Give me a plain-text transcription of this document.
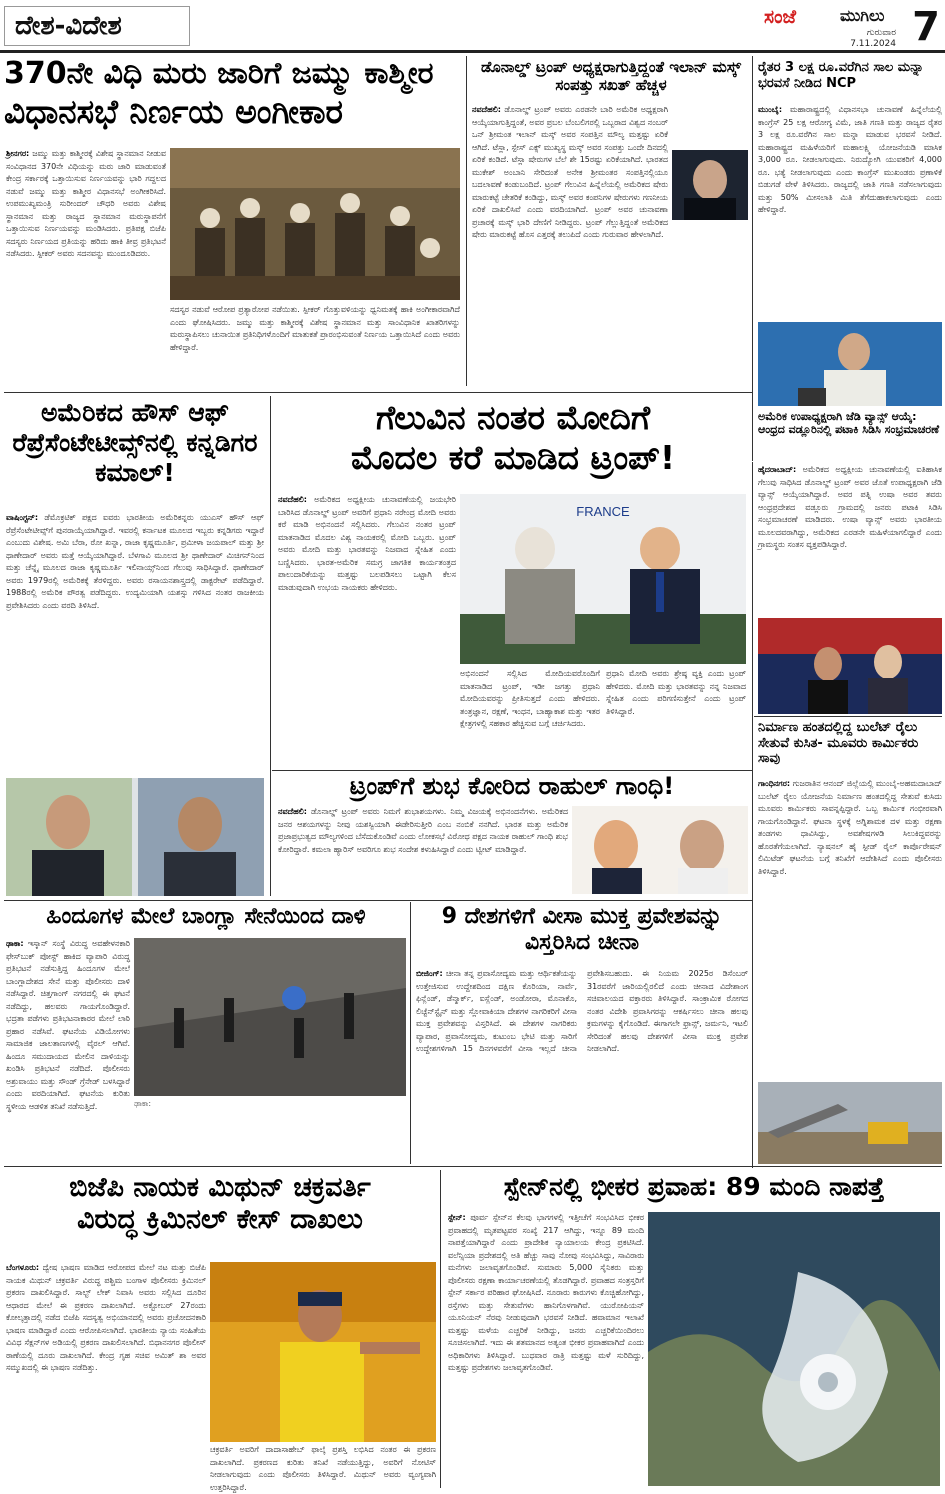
ದೇಶ-ವಿದೇಶ	ಸಂಜೆ	ಮುಗಿಲು
ಗುರುವಾರ
7.11.2024 7
370ನೇ ವಿಧಿ ಮರು ಜಾರಿಗೆ ಜಮ್ಮು ಕಾಶ್ಮೀರ
ವಿಧಾನಸಭೆ ನಿರ್ಣಯ ಅಂಗೀಕಾರ
ಶ್ರೀನಗರ: ಜಮ್ಮು ಮತ್ತು ಕಾಶ್ಮೀರಕ್ಕೆ ವಿಶೇಷ ಸ್ಥಾನಮಾನ ನೀಡುವ ಸಂವಿಧಾನದ 370ನೇ ವಿಧಿಯನ್ನು ಮರು ಜಾರಿ ಮಾಡುವಂತೆ ಕೇಂದ್ರ ಸರ್ಕಾರಕ್ಕೆ ಒತ್ತಾಯಿಸುವ ನಿರ್ಣಯವನ್ನು ಭಾರಿ ಗದ್ದಲದ ನಡುವೆ ಜಮ್ಮು ಮತ್ತು ಕಾಶ್ಮೀರ ವಿಧಾನಸಭೆ ಅಂಗೀಕರಿಸಿದೆ. ಉಪಮುಖ್ಯಮಂತ್ರಿ ಸುರೀಂದರ್ ಚೌಧರಿ ಅವರು ವಿಶೇಷ ಸ್ಥಾನಮಾನ ಮತ್ತು ರಾಜ್ಯದ ಸ್ಥಾನಮಾನ ಮರುಸ್ಥಾಪನೆಗೆ ಒತ್ತಾಯಿಸುವ ನಿರ್ಣಯವನ್ನು ಮಂಡಿಸಿದರು. ಪ್ರತಿಪಕ್ಷ ಬಿಜೆಪಿ ಸದಸ್ಯರು ನಿರ್ಣಯದ ಪ್ರತಿಯನ್ನು ಹರಿದು ಹಾಕಿ ತೀವ್ರ ಪ್ರತಿಭಟನೆ ನಡೆಸಿದರು. ಸ್ಪೀಕರ್ ಅವರು ಸದನವನ್ನು ಮುಂದೂಡಿದರು.
ಸದಸ್ಯರ ನಡುವೆ ಆರೋಪ ಪ್ರತ್ಯಾರೋಪ ನಡೆಯಿತು. ಸ್ಪೀಕರ್ ಗೊತ್ತುವಳಿಯನ್ನು ಧ್ವನಿಮತಕ್ಕೆ ಹಾಕಿ ಅಂಗೀಕಾರವಾಗಿದೆ ಎಂದು ಘೋಷಿಸಿದರು. ಜಮ್ಮು ಮತ್ತು ಕಾಶ್ಮೀರಕ್ಕೆ ವಿಶೇಷ ಸ್ಥಾನಮಾನ ಮತ್ತು ಸಾಂವಿಧಾನಿಕ ಖಾತರಿಗಳನ್ನು ಮರುಸ್ಥಾಪಿಸಲು ಚುನಾಯಿತ ಪ್ರತಿನಿಧಿಗಳೊಂದಿಗೆ ಮಾತುಕತೆ ಪ್ರಾರಂಭಿಸುವಂತೆ ನಿರ್ಣಯ ಒತ್ತಾಯಿಸಿದೆ ಎಂದು ಅವರು ಹೇಳಿದ್ದಾರೆ.
ಡೊನಾಲ್ಡ್ ಟ್ರಂಪ್ ಅಧ್ಯಕ್ಷರಾಗುತ್ತಿದ್ದಂತೆ ಇಲಾನ್ ಮಸ್ಕ್ ಸಂಪತ್ತು ಸಖತ್ ಹೆಚ್ಚಳ
ನವದೆಹಲಿ: ಡೊನಾಲ್ಡ್ ಟ್ರಂಪ್ ಅವರು ಎರಡನೇ ಬಾರಿ ಅಮೆರಿಕ ಅಧ್ಯಕ್ಷರಾಗಿ ಆಯ್ಕೆಯಾಗುತ್ತಿದ್ದಂತೆ, ಅವರ ಪ್ರಬಲ ಬೆಂಬಲಿಗರಲ್ಲಿ ಒಬ್ಬರಾದ ವಿಶ್ವದ ನಂಬರ್ ಒನ್ ಶ್ರೀಮಂತ ಇಲಾನ್ ಮಸ್ಕ್ ಅವರ ಸಂಪತ್ತಿನ ಮೌಲ್ಯ ಮತ್ತಷ್ಟು ಏರಿಕೆ ಆಗಿದೆ. ಟೆಸ್ಲಾ, ಸ್ಪೇಸ್ ಎಕ್ಸ್ ಮುಖ್ಯಸ್ಥ ಮಸ್ಕ್ ಅವರ ಸಂಪತ್ತು ಒಂದೇ ದಿನದಲ್ಲಿ ಏರಿಕೆ ಕಂಡಿದೆ. ಟೆಸ್ಲಾ ಷೇರುಗಳ ಬೆಲೆ ಶೇ 15ರಷ್ಟು ಏರಿಕೆಯಾಗಿದೆ. ಭಾರತದ ಮುಕೇಶ್ ಅಂಬಾನಿ ಸೇರಿದಂತೆ ಅನೇಕ ಶ್ರೀಮಂತರ ಸಂಪತ್ತಿನಲ್ಲಿಯೂ ಬದಲಾವಣೆ ಕಂಡುಬಂದಿದೆ. ಟ್ರಂಪ್ ಗೆಲುವಿನ ಹಿನ್ನೆಲೆಯಲ್ಲಿ ಅಮೆರಿಕದ ಷೇರು ಮಾರುಕಟ್ಟೆ ಚೇತರಿಕೆ ಕಂಡಿದ್ದು, ಮಸ್ಕ್ ಅವರ ಕಂಪನಿಗಳ ಷೇರುಗಳು ಗಣನೀಯ ಏರಿಕೆ ದಾಖಲಿಸಿವೆ ಎಂದು ವರದಿಯಾಗಿದೆ. ಟ್ರಂಪ್ ಅವರ ಚುನಾವಣಾ ಪ್ರಚಾರಕ್ಕೆ ಮಸ್ಕ್ ಭಾರಿ ದೇಣಿಗೆ ನೀಡಿದ್ದರು. ಟ್ರಂಪ್ ಗೆಲ್ಲುತ್ತಿದ್ದಂತೆ ಅಮೆರಿಕದ ಷೇರು ಮಾರುಕಟ್ಟೆ ಹೊಸ ಎತ್ತರಕ್ಕೆ ತಲುಪಿದೆ ಎಂದು ಗುರುವಾರ ಹೇಳಲಾಗಿದೆ.
ರೈತರ 3 ಲಕ್ಷ ರೂ.ವರೆಗಿನ ಸಾಲ ಮನ್ನಾ ಭರವಸೆ ನೀಡಿದ NCP
ಮುಂಬೈ: ಮಹಾರಾಷ್ಟ್ರದಲ್ಲಿ ವಿಧಾನಸಭಾ ಚುನಾವಣೆ ಹಿನ್ನೆಲೆಯಲ್ಲಿ ಕಾಂಗ್ರೆಸ್ 25 ಲಕ್ಷ ಆರೋಗ್ಯ ವಿಮೆ, ಜಾತಿ ಗಣತಿ ಮತ್ತು ರಾಜ್ಯದ ರೈತರ 3 ಲಕ್ಷ ರೂ.ವರೆಗಿನ ಸಾಲ ಮನ್ನಾ ಮಾಡುವ ಭರವಸೆ ನೀಡಿದೆ. ಮಹಾರಾಷ್ಟ್ರದ ಮಹಿಳೆಯರಿಗೆ ಮಹಾಲಕ್ಷ್ಮಿ ಯೋಜನೆಯಡಿ ಮಾಸಿಕ 3,000 ರೂ. ನೀಡಲಾಗುವುದು. ನಿರುದ್ಯೋಗಿ ಯುವಕರಿಗೆ 4,000 ರೂ. ಭತ್ಯೆ ನೀಡಲಾಗುವುದು ಎಂದು ಕಾಂಗ್ರೆಸ್ ಮುಖಂಡರು ಪ್ರಣಾಳಿಕೆ ಬಿಡುಗಡೆ ವೇಳೆ ತಿಳಿಸಿದರು. ರಾಜ್ಯದಲ್ಲಿ ಜಾತಿ ಗಣತಿ ನಡೆಸಲಾಗುವುದು ಮತ್ತು 50% ಮೀಸಲಾತಿ ಮಿತಿ ತೆಗೆದುಹಾಕಲಾಗುವುದು ಎಂದು ಹೇಳಿದ್ದಾರೆ.
ಅಮೆರಿಕದ ಹೌಸ್ ಆಫ್ ರೆಪ್ರೆಸೆಂಟೇಟೀವ್ಸ್‌ನಲ್ಲಿ ಕನ್ನಡಿಗರ ಕಮಾಲ್!
ವಾಷಿಂಗ್ಟನ್: ಡೆಮೊಕ್ರಟಿಕ್ ಪಕ್ಷದ ಐವರು ಭಾರತೀಯ ಅಮೆರಿಕನ್ನರು ಯುಎಸ್ ಹೌಸ್ ಆಫ್ ರೆಪ್ರೆಸೆಂಟೇಟೀವ್ಸ್‌ಗೆ ಪುನರಾಯ್ಕೆಯಾಗಿದ್ದಾರೆ. ಇವರಲ್ಲಿ ಕರ್ನಾಟಕ ಮೂಲದ ಇಬ್ಬರು ಕನ್ನಡಿಗರು ಇದ್ದಾರೆ ಎಂಬುದು ವಿಶೇಷ. ಅಮಿ ಬೆರಾ, ರೋ ಖನ್ನಾ, ರಾಜಾ ಕೃಷ್ಣಮೂರ್ತಿ, ಪ್ರಮೀಳಾ ಜಯಪಾಲ್ ಮತ್ತು ಶ್ರೀ ಥಾಣೇದಾರ್ ಅವರು ಮತ್ತೆ ಆಯ್ಕೆಯಾಗಿದ್ದಾರೆ. ಬೆಳಗಾವಿ ಮೂಲದ ಶ್ರೀ ಥಾಣೇದಾರ್ ಮಿಚಿಗನ್‌ನಿಂದ ಮತ್ತು ಚೆನ್ನೈ ಮೂಲದ ರಾಜಾ ಕೃಷ್ಣಮೂರ್ತಿ ಇಲಿನಾಯ್ಸ್‌ನಿಂದ ಗೆಲುವು ಸಾಧಿಸಿದ್ದಾರೆ. ಥಾಣೇದಾರ್ ಅವರು 1979ರಲ್ಲಿ ಅಮೆರಿಕಕ್ಕೆ ತೆರಳಿದ್ದರು. ಅವರು ರಸಾಯನಶಾಸ್ತ್ರದಲ್ಲಿ ಡಾಕ್ಟರೇಟ್ ಪಡೆದಿದ್ದಾರೆ. 1988ರಲ್ಲಿ ಅಮೆರಿಕ ಪೌರತ್ವ ಪಡೆದಿದ್ದರು. ಉದ್ಯಮಿಯಾಗಿ ಯಶಸ್ಸು ಗಳಿಸಿದ ನಂತರ ರಾಜಕೀಯ ಪ್ರವೇಶಿಸಿದರು ಎಂದು ವರದಿ ತಿಳಿಸಿದೆ.
ಗೆಲುವಿನ ನಂತರ ಮೋದಿಗೆ
ಮೊದಲ ಕರೆ ಮಾಡಿದ ಟ್ರಂಪ್!
ನವದೆಹಲಿ: ಅಮೆರಿಕದ ಅಧ್ಯಕ್ಷೀಯ ಚುನಾವಣೆಯಲ್ಲಿ ಜಯಭೇರಿ ಬಾರಿಸಿದ ಡೊನಾಲ್ಡ್ ಟ್ರಂಪ್ ಅವರಿಗೆ ಪ್ರಧಾನಿ ನರೇಂದ್ರ ಮೋದಿ ಅವರು ಕರೆ ಮಾಡಿ ಅಭಿನಂದನೆ ಸಲ್ಲಿಸಿದರು. ಗೆಲುವಿನ ನಂತರ ಟ್ರಂಪ್ ಮಾತನಾಡಿದ ಮೊದಲ ವಿಶ್ವ ನಾಯಕರಲ್ಲಿ ಮೋದಿ ಒಬ್ಬರು. ಟ್ರಂಪ್ ಅವರು ಮೋದಿ ಮತ್ತು ಭಾರತವನ್ನು ನಿಜವಾದ ಸ್ನೇಹಿತ ಎಂದು ಬಣ್ಣಿಸಿದರು. ಭಾರತ-ಅಮೆರಿಕ ಸಮಗ್ರ ಜಾಗತಿಕ ಕಾರ್ಯತಂತ್ರದ ಪಾಲುದಾರಿಕೆಯನ್ನು ಮತ್ತಷ್ಟು ಬಲಪಡಿಸಲು ಒಟ್ಟಾಗಿ ಕೆಲಸ ಮಾಡುವುದಾಗಿ ಉಭಯ ನಾಯಕರು ಹೇಳಿದರು.
FRANCE
ಅಭಿನಂದನೆ ಸಲ್ಲಿಸಿದ ಮೋದಿಯವರೊಂದಿಗೆ ಮಾತನಾಡಿದ ಟ್ರಂಪ್, ಇಡೀ ಜಗತ್ತು ಪ್ರಧಾನಿ ಮೋದಿಯವರನ್ನು ಪ್ರೀತಿಸುತ್ತದೆ ಎಂದು ಹೇಳಿದರು. ತಂತ್ರಜ್ಞಾನ, ರಕ್ಷಣೆ, ಇಂಧನ, ಬಾಹ್ಯಾಕಾಶ ಮತ್ತು ಇತರ ಕ್ಷೇತ್ರಗಳಲ್ಲಿ ಸಹಕಾರ ಹೆಚ್ಚಿಸುವ ಬಗ್ಗೆ ಚರ್ಚಿಸಿದರು.
ಪ್ರಧಾನಿ ಮೋದಿ ಅವರು ಶ್ರೇಷ್ಠ ವ್ಯಕ್ತಿ ಎಂದು ಟ್ರಂಪ್ ಹೇಳಿದರು. ಮೋದಿ ಮತ್ತು ಭಾರತವನ್ನು ನನ್ನ ನಿಜವಾದ ಸ್ನೇಹಿತ ಎಂದು ಪರಿಗಣಿಸುತ್ತೇನೆ ಎಂದು ಟ್ರಂಪ್ ತಿಳಿಸಿದ್ದಾರೆ.
ಟ್ರಂಪ್‌ಗೆ ಶುಭ ಕೋರಿದ ರಾಹುಲ್ ಗಾಂಧಿ!
ನವದೆಹಲಿ: ಡೊನಾಲ್ಡ್ ಟ್ರಂಪ್ ಅವರು ನಿಮಗೆ ಶುಭಾಶಯಗಳು. ನಿಮ್ಮ ವಿಜಯಕ್ಕೆ ಅಭಿನಂದನೆಗಳು. ಅಮೆರಿಕದ ಜನರ ಆಶಯಗಳನ್ನು ನೀವು ಯಶಸ್ವಿಯಾಗಿ ಈಡೇರಿಸುತ್ತೀರಿ ಎಂಬ ನಂಬಿಕೆ ನನಗಿದೆ. ಭಾರತ ಮತ್ತು ಅಮೆರಿಕ ಪ್ರಜಾಪ್ರಭುತ್ವದ ಮೌಲ್ಯಗಳಿಂದ ಬೆಸೆದುಕೊಂಡಿವೆ ಎಂದು ಲೋಕಸಭೆ ವಿರೋಧ ಪಕ್ಷದ ನಾಯಕ ರಾಹುಲ್ ಗಾಂಧಿ ಶುಭ ಕೋರಿದ್ದಾರೆ. ಕಮಲಾ ಹ್ಯಾರಿಸ್ ಅವರಿಗೂ ಶುಭ ಸಂದೇಶ ಕಳುಹಿಸಿದ್ದಾರೆ ಎಂದು ಟ್ವೀಟ್ ಮಾಡಿದ್ದಾರೆ.
ಅಮೆರಿಕ ಉಪಾಧ್ಯಕ್ಷರಾಗಿ ಜೆಡಿ ವ್ಯಾನ್ಸ್ ಆಯ್ಕೆ: ಆಂಧ್ರದ ವಡ್ಲೂರಿನಲ್ಲಿ ಪಟಾಕಿ ಸಿಡಿಸಿ ಸಂಭ್ರಮಾಚರಣೆ
ಹೈದರಾಬಾದ್: ಅಮೆರಿಕದ ಅಧ್ಯಕ್ಷೀಯ ಚುನಾವಣೆಯಲ್ಲಿ ಐತಿಹಾಸಿಕ ಗೆಲುವು ಸಾಧಿಸಿದ ಡೊನಾಲ್ಡ್ ಟ್ರಂಪ್ ಅವರ ಜೊತೆ ಉಪಾಧ್ಯಕ್ಷರಾಗಿ ಜೆಡಿ ವ್ಯಾನ್ಸ್ ಆಯ್ಕೆಯಾಗಿದ್ದಾರೆ. ಅವರ ಪತ್ನಿ ಉಷಾ ಅವರ ತವರು ಆಂಧ್ರಪ್ರದೇಶದ ವಡ್ಲೂರು ಗ್ರಾಮದಲ್ಲಿ ಜನರು ಪಟಾಕಿ ಸಿಡಿಸಿ ಸಂಭ್ರಮಾಚರಣೆ ಮಾಡಿದರು. ಉಷಾ ವ್ಯಾನ್ಸ್ ಅವರು ಭಾರತೀಯ ಮೂಲದವರಾಗಿದ್ದು, ಅಮೆರಿಕದ ಎರಡನೇ ಮಹಿಳೆಯಾಗಲಿದ್ದಾರೆ ಎಂದು ಗ್ರಾಮಸ್ಥರು ಸಂತಸ ವ್ಯಕ್ತಪಡಿಸಿದ್ದಾರೆ.
ನಿರ್ಮಾಣ ಹಂತದಲ್ಲಿದ್ದ ಬುಲೆಟ್ ರೈಲು ಸೇತುವೆ ಕುಸಿತ- ಮೂವರು ಕಾರ್ಮಿಕರು ಸಾವು
ಗಾಂಧಿನಗರ: ಗುಜರಾತಿನ ಆನಂದ್ ಜಿಲ್ಲೆಯಲ್ಲಿ ಮುಂಬೈ-ಅಹಮದಾಬಾದ್ ಬುಲೆಟ್ ರೈಲು ಯೋಜನೆಯ ನಿರ್ಮಾಣ ಹಂತದಲ್ಲಿದ್ದ ಸೇತುವೆ ಕುಸಿದು ಮೂವರು ಕಾರ್ಮಿಕರು ಸಾವನ್ನಪ್ಪಿದ್ದಾರೆ. ಒಬ್ಬ ಕಾರ್ಮಿಕ ಗಂಭೀರವಾಗಿ ಗಾಯಗೊಂಡಿದ್ದಾನೆ. ಘಟನಾ ಸ್ಥಳಕ್ಕೆ ಅಗ್ನಿಶಾಮಕ ದಳ ಮತ್ತು ರಕ್ಷಣಾ ತಂಡಗಳು ಧಾವಿಸಿದ್ದು, ಅವಶೇಷಗಳಡಿ ಸಿಲುಕಿದ್ದವರನ್ನು ಹೊರತೆಗೆಯಲಾಗಿದೆ. ನ್ಯಾಷನಲ್ ಹೈ ಸ್ಪೀಡ್ ರೈಲ್ ಕಾರ್ಪೊರೇಷನ್ ಲಿಮಿಟೆಡ್ ಘಟನೆಯ ಬಗ್ಗೆ ತನಿಖೆಗೆ ಆದೇಶಿಸಿದೆ ಎಂದು ಪೊಲೀಸರು ತಿಳಿಸಿದ್ದಾರೆ.
ಹಿಂದೂಗಳ ಮೇಲೆ ಬಾಂಗ್ಲಾ ಸೇನೆಯಿಂದ ದಾಳಿ
ಢಾಕಾ: ಇಸ್ಕಾನ್ ಸಂಸ್ಥೆ ವಿರುದ್ಧ ಅವಹೇಳನಕಾರಿ ಫೇಸ್‌ಬುಕ್ ಪೋಸ್ಟ್ ಹಾಕಿದ ವ್ಯಾಪಾರಿ ವಿರುದ್ಧ ಪ್ರತಿಭಟನೆ ನಡೆಸುತ್ತಿದ್ದ ಹಿಂದೂಗಳ ಮೇಲೆ ಬಾಂಗ್ಲಾದೇಶದ ಸೇನೆ ಮತ್ತು ಪೊಲೀಸರು ದಾಳಿ ನಡೆಸಿದ್ದಾರೆ. ಚಿತ್ತಗಾಂಗ್ ನಗರದಲ್ಲಿ ಈ ಘಟನೆ ನಡೆದಿದ್ದು, ಹಲವರು ಗಾಯಗೊಂಡಿದ್ದಾರೆ. ಭದ್ರತಾ ಪಡೆಗಳು ಪ್ರತಿಭಟನಾಕಾರರ ಮೇಲೆ ಲಾಠಿ ಪ್ರಹಾರ ನಡೆಸಿವೆ. ಘಟನೆಯ ವಿಡಿಯೋಗಳು ಸಾಮಾಜಿಕ ಜಾಲತಾಣಗಳಲ್ಲಿ ವೈರಲ್ ಆಗಿವೆ. ಹಿಂದೂ ಸಮುದಾಯದ ಮೇಲಿನ ದಾಳಿಯನ್ನು ಖಂಡಿಸಿ ಪ್ರತಿಭಟನೆ ನಡೆದಿದೆ. ಪೊಲೀಸರು ಅಶ್ರುವಾಯು ಮತ್ತು ಸೌಂಡ್ ಗ್ರೆನೇಡ್ ಬಳಸಿದ್ದಾರೆ ಎಂದು ವರದಿಯಾಗಿದೆ. ಘಟನೆಯ ಕುರಿತು ಸ್ಥಳೀಯ ಆಡಳಿತ ತನಿಖೆ ನಡೆಸುತ್ತಿದೆ.	ಢಾಕಾ:
9 ದೇಶಗಳಿಗೆ ವೀಸಾ ಮುಕ್ತ ಪ್ರವೇಶವನ್ನು ವಿಸ್ತರಿಸಿದ ಚೀನಾ
ಬೀಜಿಂಗ್: ಚೀನಾ ತನ್ನ ಪ್ರವಾಸೋದ್ಯಮ ಮತ್ತು ಆರ್ಥಿಕತೆಯನ್ನು ಉತ್ತೇಜಿಸುವ ಉದ್ದೇಶದಿಂದ ದಕ್ಷಿಣ ಕೊರಿಯಾ, ನಾರ್ವೆ, ಫಿನ್ಲೆಂಡ್, ಡೆನ್ಮಾರ್ಕ್, ಐಸ್ಲೆಂಡ್, ಅಂಡೋರಾ, ಮೊನಾಕೊ, ಲಿಚ್ಟೆನ್‌ಸ್ಟೈನ್ ಮತ್ತು ಸ್ಲೋವಾಕಿಯಾ ದೇಶಗಳ ನಾಗರಿಕರಿಗೆ ವೀಸಾ ಮುಕ್ತ ಪ್ರವೇಶವನ್ನು ವಿಸ್ತರಿಸಿದೆ. ಈ ದೇಶಗಳ ನಾಗರಿಕರು ವ್ಯಾಪಾರ, ಪ್ರವಾಸೋದ್ಯಮ, ಕುಟುಂಬ ಭೇಟಿ ಮತ್ತು ಸಾರಿಗೆ ಉದ್ದೇಶಗಳಿಗಾಗಿ 15 ದಿನಗಳವರೆಗೆ ವೀಸಾ ಇಲ್ಲದೆ ಚೀನಾ ಪ್ರವೇಶಿಸಬಹುದು. ಈ ನಿಯಮ 2025ರ ಡಿಸೆಂಬರ್ 31ರವರೆಗೆ ಜಾರಿಯಲ್ಲಿರಲಿದೆ ಎಂದು ಚೀನಾದ ವಿದೇಶಾಂಗ ಸಚಿವಾಲಯದ ವಕ್ತಾರರು ತಿಳಿಸಿದ್ದಾರೆ. ಸಾಂಕ್ರಾಮಿಕ ರೋಗದ ನಂತರ ವಿದೇಶಿ ಪ್ರವಾಸಿಗರನ್ನು ಆಕರ್ಷಿಸಲು ಚೀನಾ ಹಲವು ಕ್ರಮಗಳನ್ನು ಕೈಗೊಂಡಿದೆ. ಈಗಾಗಲೇ ಫ್ರಾನ್ಸ್, ಜರ್ಮನಿ, ಇಟಲಿ ಸೇರಿದಂತೆ ಹಲವು ದೇಶಗಳಿಗೆ ವೀಸಾ ಮುಕ್ತ ಪ್ರವೇಶ ನೀಡಲಾಗಿದೆ.
ಬಿಜೆಪಿ ನಾಯಕ ಮಿಥುನ್ ಚಕ್ರವರ್ತಿ
ವಿರುದ್ಧ ಕ್ರಿಮಿನಲ್ ಕೇಸ್ ದಾಖಲು
ಬೆಂಗಳೂರು: ದ್ವೇಷ ಭಾಷಣ ಮಾಡಿದ ಆರೋಪದ ಮೇಲೆ ನಟ ಮತ್ತು ಬಿಜೆಪಿ ನಾಯಕ ಮಿಥುನ್ ಚಕ್ರವರ್ತಿ ವಿರುದ್ಧ ಪಶ್ಚಿಮ ಬಂಗಾಳ ಪೊಲೀಸರು ಕ್ರಿಮಿನಲ್ ಪ್ರಕರಣ ದಾಖಲಿಸಿದ್ದಾರೆ. ಸಾಲ್ಟ್ ಲೇಕ್ ನಿವಾಸಿ ಅವರು ಸಲ್ಲಿಸಿದ ದೂರಿನ ಆಧಾರದ ಮೇಲೆ ಈ ಪ್ರಕರಣ ದಾಖಲಾಗಿದೆ. ಅಕ್ಟೋಬರ್ 27ರಂದು ಕೋಲ್ಕತ್ತಾದಲ್ಲಿ ನಡೆದ ಬಿಜೆಪಿ ಸದಸ್ಯತ್ವ ಅಭಿಯಾನದಲ್ಲಿ ಅವರು ಪ್ರಚೋದನಕಾರಿ ಭಾಷಣ ಮಾಡಿದ್ದಾರೆ ಎಂದು ಆರೋಪಿಸಲಾಗಿದೆ. ಭಾರತೀಯ ನ್ಯಾಯ ಸಂಹಿತೆಯ ವಿವಿಧ ಸೆಕ್ಷನ್‌ಗಳ ಅಡಿಯಲ್ಲಿ ಪ್ರಕರಣ ದಾಖಲಿಸಲಾಗಿದೆ. ಬಿಧಾನನಗರ ಪೊಲೀಸ್ ಠಾಣೆಯಲ್ಲಿ ದೂರು ದಾಖಲಾಗಿದೆ. ಕೇಂದ್ರ ಗೃಹ ಸಚಿವ ಅಮಿತ್ ಶಾ ಅವರ ಸಮ್ಮುಖದಲ್ಲಿ ಈ ಭಾಷಣ ನಡೆದಿತ್ತು.
ಚಕ್ರವರ್ತಿ ಅವರಿಗೆ ದಾದಾಸಾಹೇಬ್ ಫಾಲ್ಕೆ ಪ್ರಶಸ್ತಿ ಲಭಿಸಿದ ನಂತರ ಈ ಪ್ರಕರಣ ದಾಖಲಾಗಿದೆ. ಪ್ರಕರಣದ ಕುರಿತು ತನಿಖೆ ನಡೆಯುತ್ತಿದ್ದು, ಅವರಿಗೆ ನೋಟಿಸ್ ನೀಡಲಾಗುವುದು ಎಂದು ಪೊಲೀಸರು ತಿಳಿಸಿದ್ದಾರೆ. ಮಿಥುನ್ ಅವರು ವ್ಯಂಗ್ಯವಾಗಿ ಉತ್ತರಿಸಿದ್ದಾರೆ.
ಸ್ಪೇನ್‌ನಲ್ಲಿ ಭೀಕರ ಪ್ರವಾಹ: 89 ಮಂದಿ ನಾಪತ್ತೆ
ಸ್ಪೇನ್: ಪೂರ್ವ ಸ್ಪೇನ್‌ನ ಕೆಲವು ಭಾಗಗಳಲ್ಲಿ ಇತ್ತೀಚೆಗೆ ಸಂಭವಿಸಿದ ಭೀಕರ ಪ್ರವಾಹದಲ್ಲಿ ಮೃತಪಟ್ಟವರ ಸಂಖ್ಯೆ 217 ಆಗಿದ್ದು, ಇನ್ನೂ 89 ಮಂದಿ ನಾಪತ್ತೆಯಾಗಿದ್ದಾರೆ ಎಂದು ಪ್ರಾದೇಶಿಕ ನ್ಯಾಯಾಲಯ ಕೇಂದ್ರ ಪ್ರಕಟಿಸಿದೆ. ವಲೆನ್ಸಿಯಾ ಪ್ರದೇಶದಲ್ಲಿ ಅತಿ ಹೆಚ್ಚು ಸಾವು ನೋವು ಸಂಭವಿಸಿದ್ದು, ಸಾವಿರಾರು ಮನೆಗಳು ಜಲಾವೃತಗೊಂಡಿವೆ. ಸುಮಾರು 5,000 ಸೈನಿಕರು ಮತ್ತು ಪೊಲೀಸರು ರಕ್ಷಣಾ ಕಾರ್ಯಾಚರಣೆಯಲ್ಲಿ ತೊಡಗಿದ್ದಾರೆ. ಪ್ರವಾಹದ ಸಂತ್ರಸ್ತರಿಗೆ ಸ್ಪೇನ್ ಸರ್ಕಾರ ಪರಿಹಾರ ಘೋಷಿಸಿದೆ. ನೂರಾರು ಕಾರುಗಳು ಕೊಚ್ಚಿಹೋಗಿದ್ದು, ರಸ್ತೆಗಳು ಮತ್ತು ಸೇತುವೆಗಳು ಹಾನಿಗೊಳಗಾಗಿವೆ. ಯುರೋಪಿಯನ್ ಯೂನಿಯನ್ ನೆರವು ನೀಡುವುದಾಗಿ ಭರವಸೆ ನೀಡಿದೆ. ಹವಾಮಾನ ಇಲಾಖೆ ಮತ್ತಷ್ಟು ಮಳೆಯ ಎಚ್ಚರಿಕೆ ನೀಡಿದ್ದು, ಜನರು ಎಚ್ಚರಿಕೆಯಿಂದಿರಲು ಸೂಚಿಸಲಾಗಿದೆ. ಇದು ಈ ಶತಮಾನದ ಅತ್ಯಂತ ಭೀಕರ ಪ್ರವಾಹವಾಗಿದೆ ಎಂದು ಅಧಿಕಾರಿಗಳು ತಿಳಿಸಿದ್ದಾರೆ. ಬುಧವಾರ ರಾತ್ರಿ ಮತ್ತಷ್ಟು ಮಳೆ ಸುರಿದಿದ್ದು, ಮತ್ತಷ್ಟು ಪ್ರದೇಶಗಳು ಜಲಾವೃತಗೊಂಡಿವೆ.
